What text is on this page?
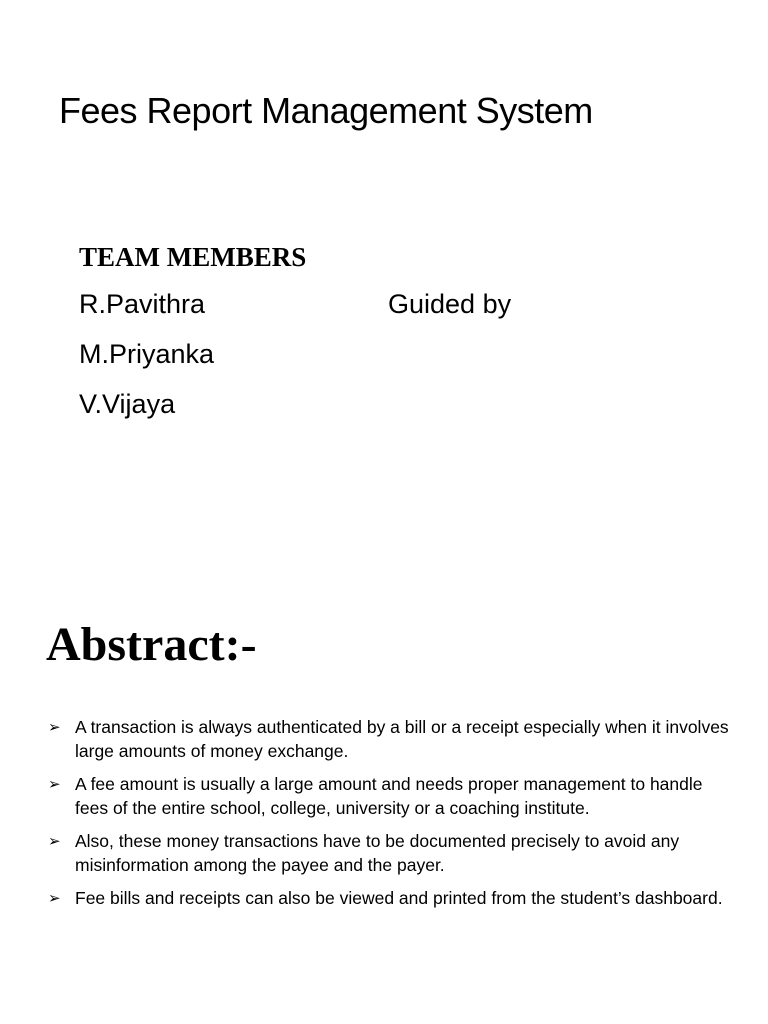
Fees Report Management System
TEAM MEMBERS
R.Pavithra
M.Priyanka
V.Vijaya
Guided by
Abstract:-
➢ A transaction is always authenticated by a bill or a receipt especially when it involves large amounts of money exchange.
➢ A fee amount is usually a large amount and needs proper management to handle fees of the entire school, college, university or a coaching institute.
➢ Also, these money transactions have to be documented precisely to avoid any misinformation among the payee and the payer.
➢ Fee bills and receipts can also be viewed and printed from the student’s dashboard.
